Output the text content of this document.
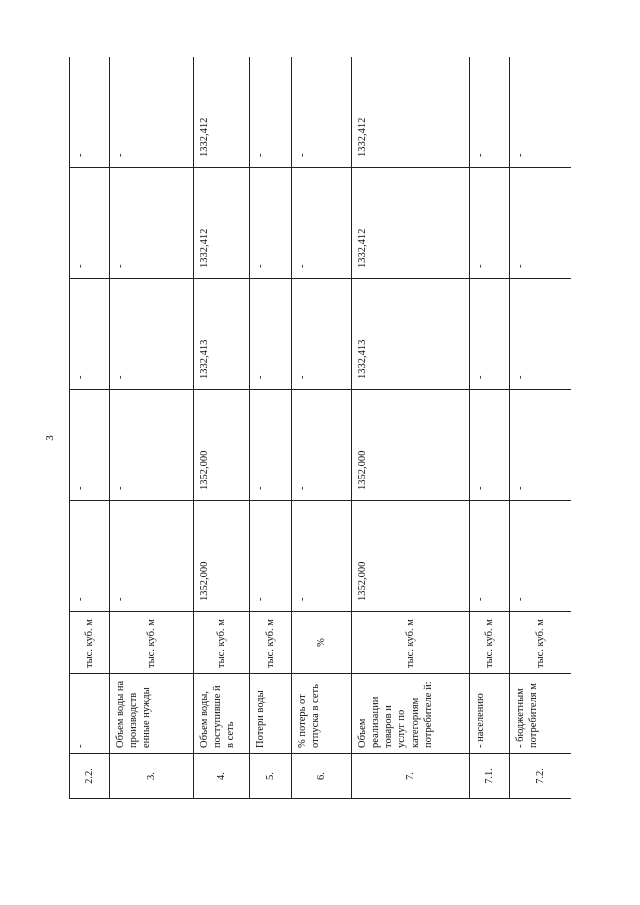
3
2.2.	-	тыс. куб. м	-	-	-	-	-
3.	Объем воды на производств енные нужды	тыс. куб. м	-	-	-	-	-
4.	Объем воды, поступивше й в сеть	тыс. куб. м	1352,000	1352,000	1332,413	1332,412	1332,412
5.	Потери воды	тыс. куб. м	-	-	-	-	-
6.	% потерь от отпуска в сеть	%	-	-	-	-	-
7.	Объем реализации товаров и услуг по категориям потребителе й:	тыс. куб. м	1352,000	1352,000	1332,413	1332,412	1332,412
7.1.	- населению	тыс. куб. м	-	-	-	-	-
7.2.	- бюджетным потребителя м	тыс. куб. м	-	-	-	-	-
